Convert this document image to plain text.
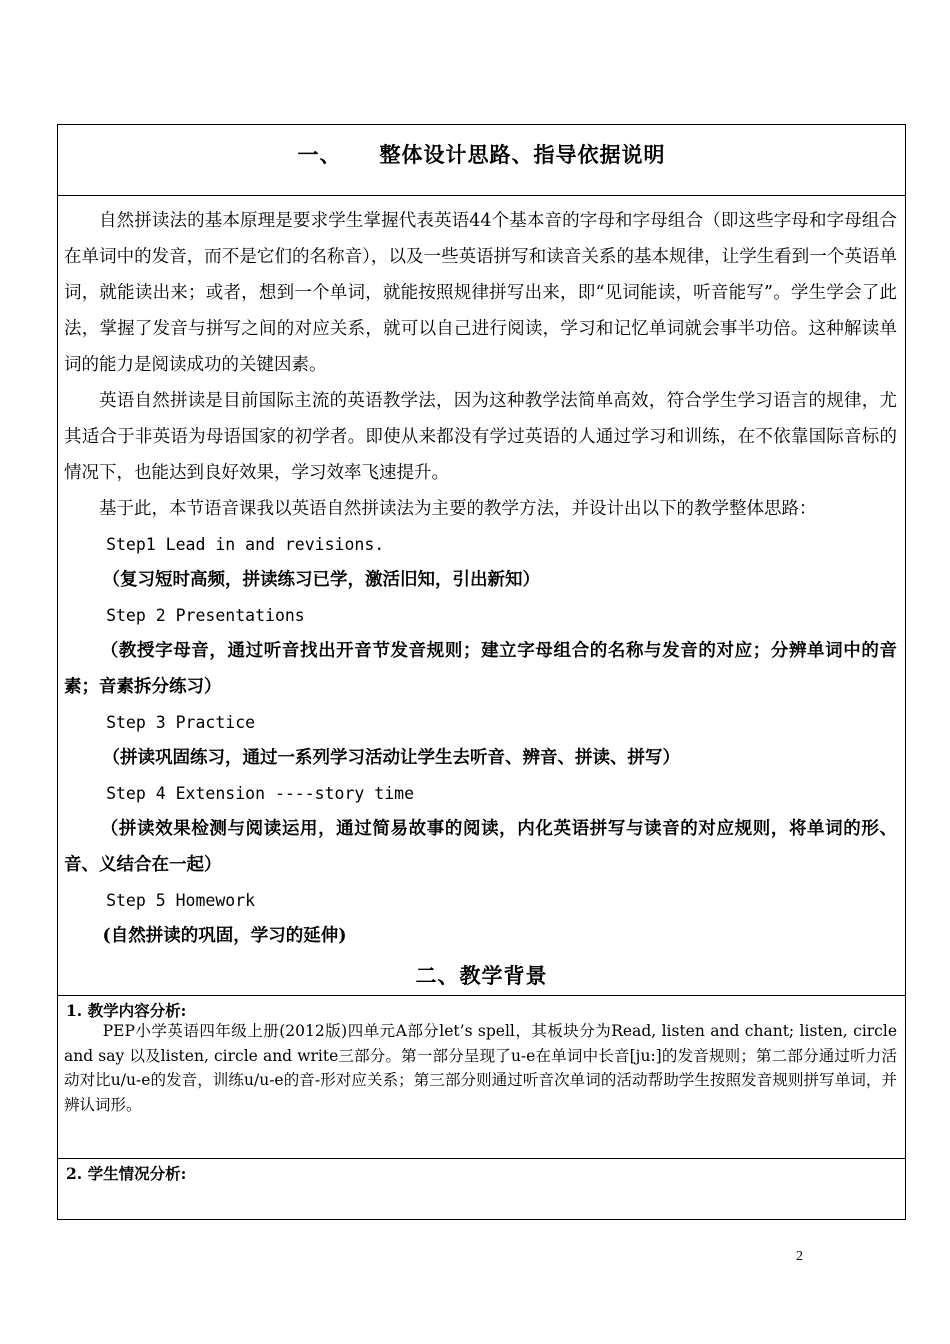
一、 整体设计思路、指导依据说明

自然拼读法的基本原理是要求学生掌握代表英语44个基本音的字母和字母组合（即这些字母和字母组合在单词中的发音，而不是它们的名称音），以及一些英语拼写和读音关系的基本规律，让学生看到一个英语单词，就能读出来；或者，想到一个单词，就能按照规律拼写出来，即“见词能读，听音能写”。学生学会了此法，掌握了发音与拼写之间的对应关系，就可以自己进行阅读，学习和记忆单词就会事半功倍。这种解读单词的能力是阅读成功的关键因素。

英语自然拼读是目前国际主流的英语教学法，因为这种教学法简单高效，符合学生学习语言的规律，尤其适合于非英语为母语国家的初学者。即使从来都没有学过英语的人通过学习和训练，在不依靠国际音标的情况下，也能达到良好效果，学习效率飞速提升。

基于此，本节语音课我以英语自然拼读法为主要的教学方法，并设计出以下的教学整体思路：

Step1 Lead in and revisions.

（复习短时高频，拼读练习已学，激活旧知，引出新知）

Step 2 Presentations

（教授字母音，通过听音找出开音节发音规则；建立字母组合的名称与发音的对应；分辨单词中的音素；音素拆分练习）

Step 3 Practice

（拼读巩固练习，通过一系列学习活动让学生去听音、辨音、拼读、拼写）

Step 4 Extension ----story time

（拼读效果检测与阅读运用，通过简易故事的阅读，内化英语拼写与读音的对应规则，将单词的形、音、义结合在一起）

Step 5 Homework

(自然拼读的巩固，学习的延伸)

二、教学背景
1. 教学内容分析:

PEP小学英语四年级上册(2012版)四单元A部分let’s spell，其板块分为Read, listen and chant; listen, circle and say 以及listen, circle and write三部分。第一部分呈现了u-e在单词中长音[ju:]的发音规则；第二部分通过听力活动对比u/u-e的发音，训练u/u-e的音-形对应关系；第三部分则通过听音次单词的活动帮助学生按照发音规则拼写单词，并辨认词形。

2. 学生情况分析:
2
